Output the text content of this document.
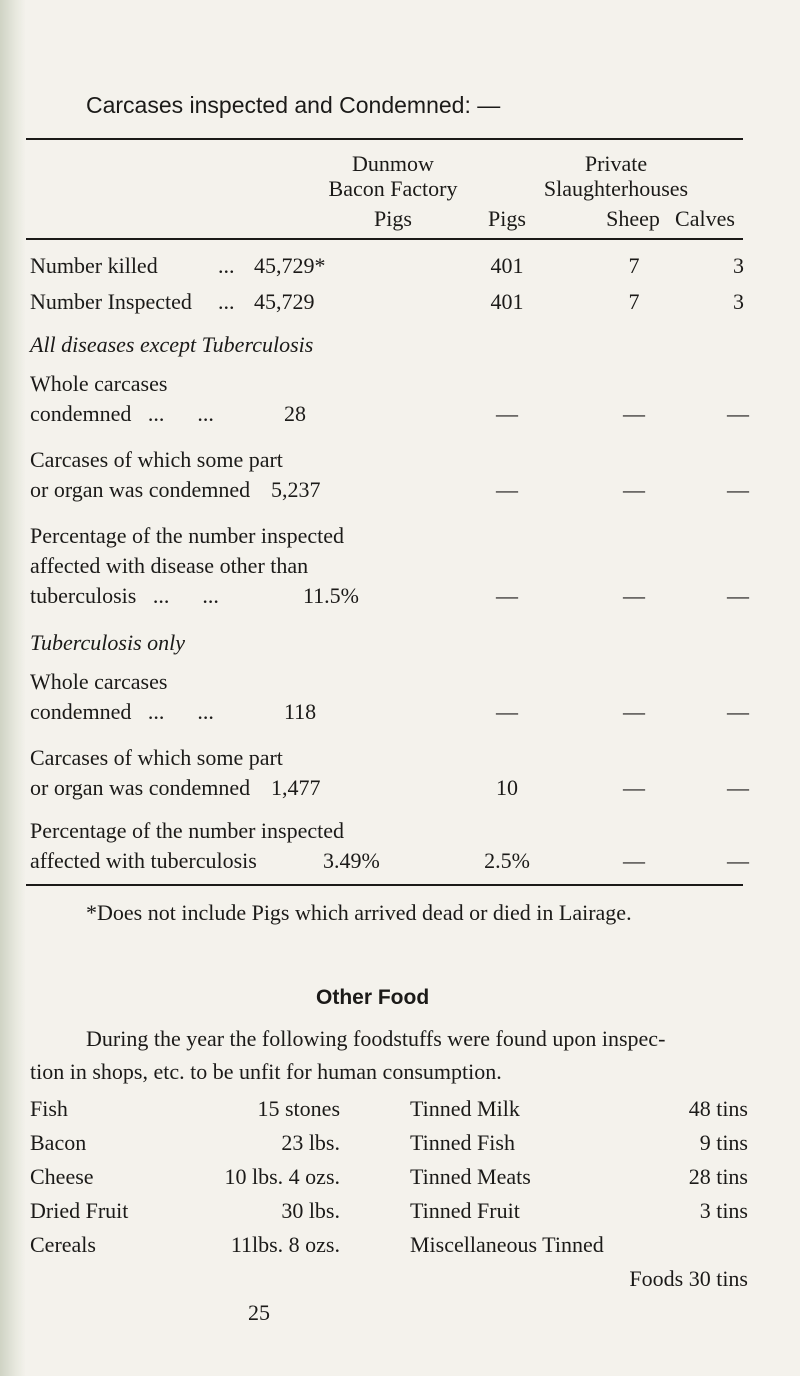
Carcases inspected and Condemned: —
Dunmow
Bacon Factory
Private
Slaughterhouses
Pigs	Pigs	Sheep Calves
Number killed	... 45,729*	401	7	3
Number Inspected ... 45,729	401	7	3
All diseases except Tuberculosis
Whole carcases
condemned   ...      ...	28	—	—	—
Carcases of which some part
or organ was condemned 5,237	—	—	—
Percentage of the number inspected
affected with disease other than
tuberculosis   ...      ...	11.5%	—	—	—
Tuberculosis only
Whole carcases
condemned   ...      ...	118	—	—	—
Carcases of which some part
or organ was condemned 1,477	10	—	—
Percentage of the number inspected
affected with tuberculosis	3.49%	2.5%	—	—
*Does not include Pigs which arrived dead or died in Lairage.
Other Food
During the year the following foodstuffs were found upon inspec-
tion in shops, etc. to be unfit for human consumption.
Fish	15 stones
Bacon	23 lbs.
Cheese	10 lbs. 4 ozs.
Dried Fruit	30 lbs.
Cereals	11lbs. 8 ozs.
Tinned Milk	48 tins
Tinned Fish	9 tins
Tinned Meats	28 tins
Tinned Fruit	3 tins
Miscellaneous Tinned
Foods 30 tins
25
